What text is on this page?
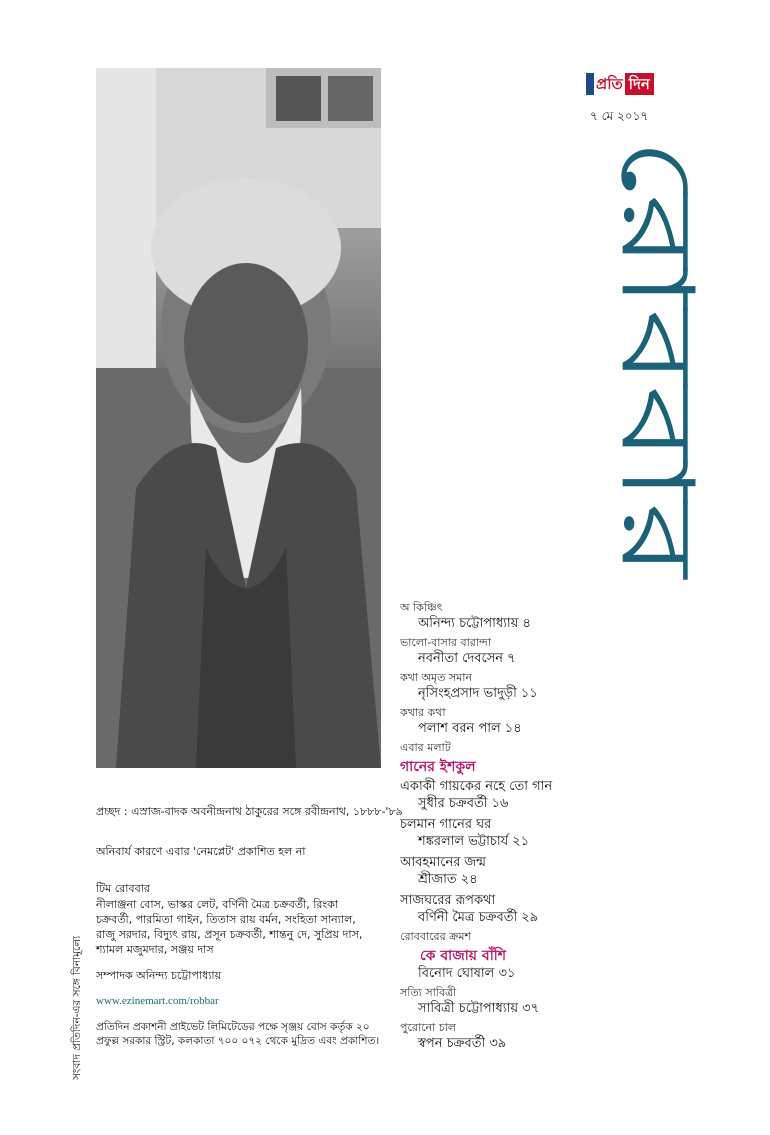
প্রতি দিন
৭ মে ২০১৭
রোববার
অ কিঞ্চিৎ
অনিন্দ্য চট্টোপাধ্যায় ৪
ভালো-বাসার বারান্দা
নবনীতা দেবসেন ৭
কথা অমৃত সমান
নৃসিংহপ্রসাদ ভাদুড়ী ১১
কথার কথা
পলাশ বরন পাল ১৪
এবার মলাট
গানের ইশকুল
একাকী গায়কের নহে তো গান
সুধীর চক্রবর্তী ১৬
চলমান গানের ঘর
শঙ্করলাল ভট্টাচার্য ২১
আবহমানের জন্ম
শ্রীজাত ২৪
সাজঘরের রূপকথা
বর্ণিনী মৈত্র চক্রবর্তী ২৯
রোববারের ক্রমশ
কে বাজায় বাঁশি
বিনোদ ঘোষাল ৩১
সত্যি সাবিত্রী
সাবিত্রী চট্টোপাধ্যায় ৩৭
পুরোনো চাল
স্বপন চক্রবর্তী ৩৯
প্রচ্ছদ : এস্রাজ-বাদক অবনীন্দ্রনাথ ঠাকুরের সঙ্গে রবীন্দ্রনাথ, ১৮৮৮-'৮৯
অনিবার্য কারণে এবার 'নেমপ্লেট' প্রকাশিত হল না
টিম রোববার
নীলাঞ্জনা বোস, ভাস্কর লেট, বর্ণিনী মৈত্র চক্রবর্তী, রিংকা চক্রবর্তী, পারমিতা গাইন, তিতাস রায় বর্মন, সংহিতা সান্যাল, রাজু সরদার, বিদ্যুৎ রায়, প্রসূন চক্রবর্তী, শান্তনু দে, সুপ্রিয় দাস, শ্যামল মজুমদার, সঞ্জয় দাস
সম্পাদক অনিন্দ্য চট্টোপাধ্যায়
www.ezinemart.com/robbar
প্রতিদিন প্রকাশনী প্রাইভেট লিমিটেডের পক্ষে সৃঞ্জয় বোস কর্তৃক ২০ প্রফুল্ল সরকার স্ট্রিট, কলকাতা ৭০০ ০৭২ থেকে মুদ্রিত এবং প্রকাশিত।
সংবাদ প্রতিদিন-এর সঙ্গে বিনামূল্যে
